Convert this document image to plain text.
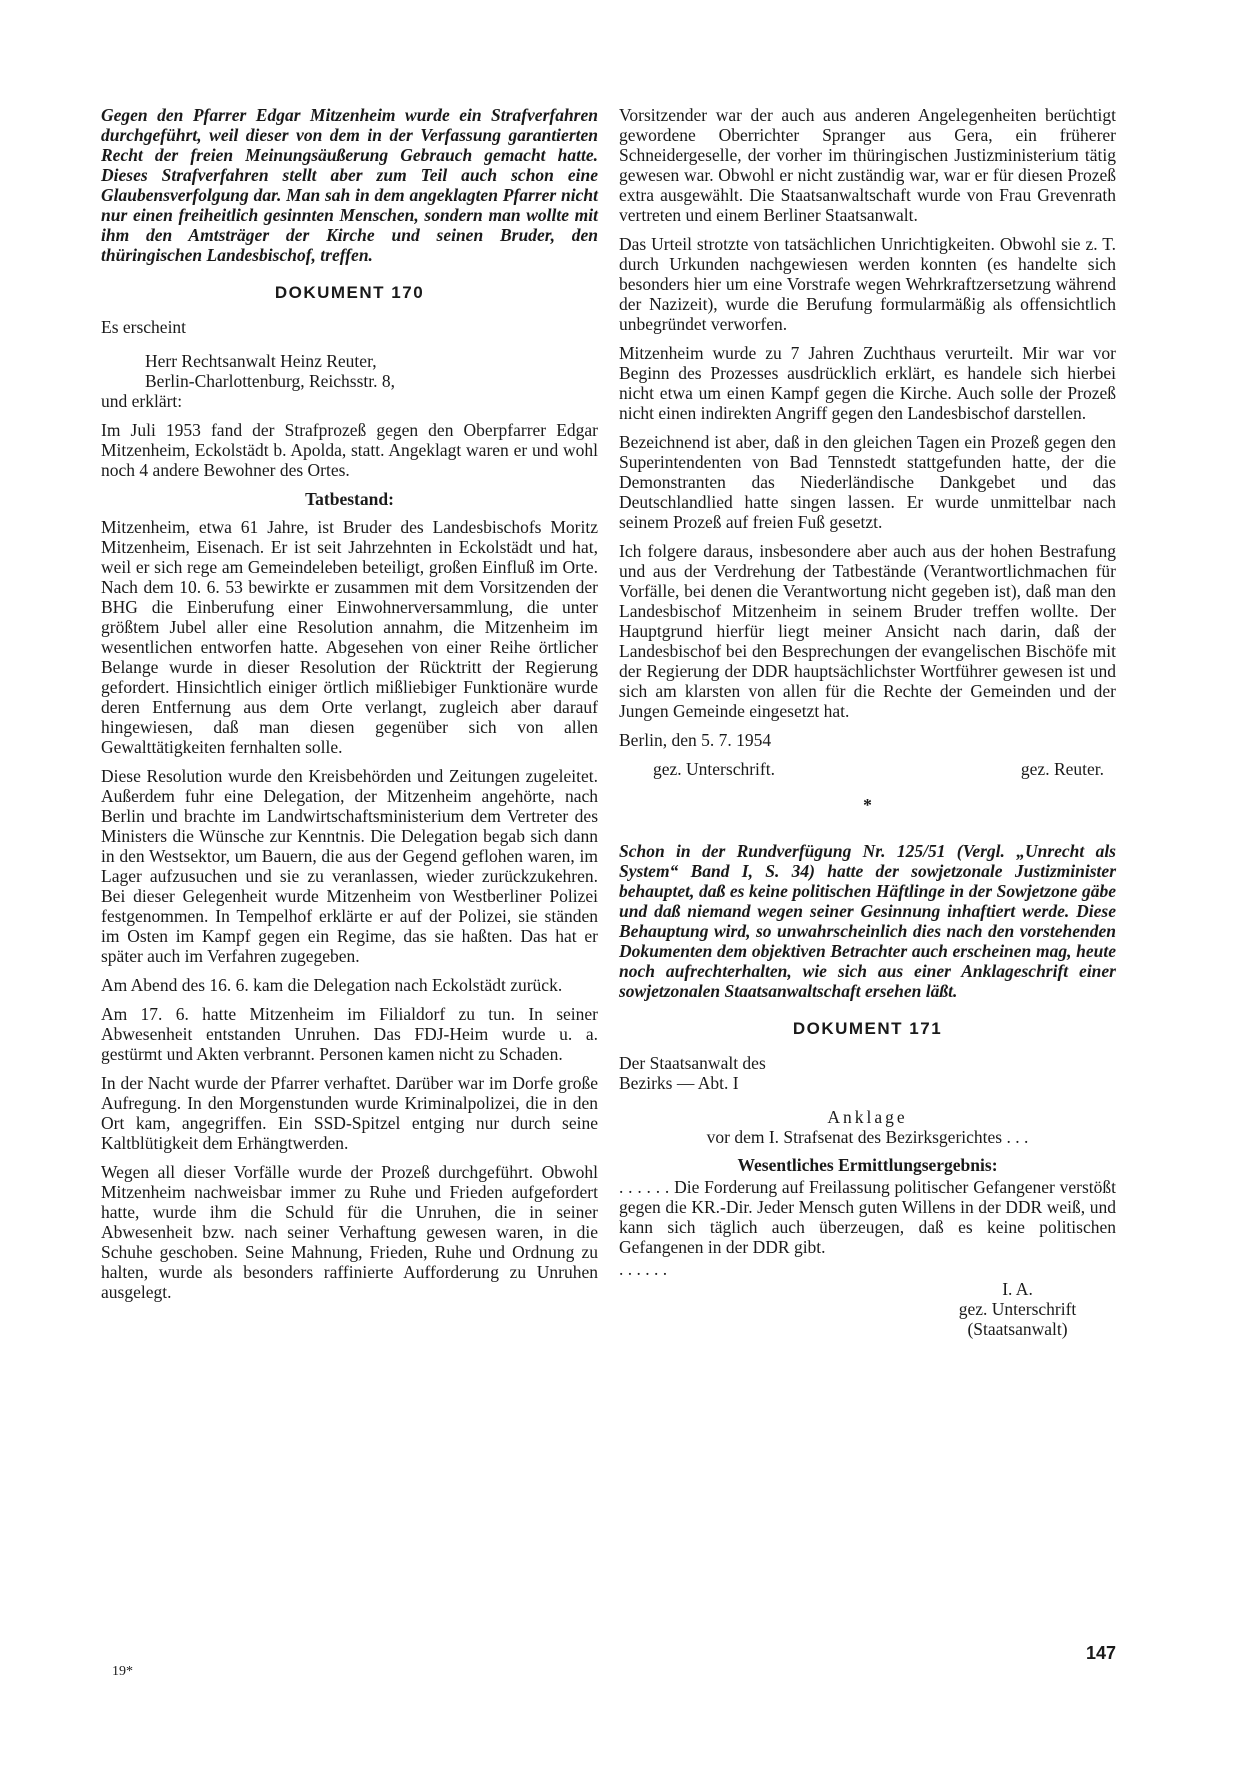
Gegen den Pfarrer Edgar Mitzenheim wurde ein Strafverfahren durchgeführt, weil dieser von dem in der Verfassung garantierten Recht der freien Meinungsäußerung Gebrauch gemacht hatte. Dieses Strafverfahren stellt aber zum Teil auch schon eine Glaubensverfolgung dar. Man sah in dem angeklagten Pfarrer nicht nur einen freiheitlich gesinnten Menschen, sondern man wollte mit ihm den Amtsträger der Kirche und seinen Bruder, den thüringischen Landesbischof, treffen.

DOKUMENT 170

Es erscheint

Herr Rechtsanwalt Heinz Reuter,
Berlin-Charlottenburg, Reichsstr. 8,

und erklärt:

Im Juli 1953 fand der Strafprozeß gegen den Oberpfarrer Edgar Mitzenheim, Eckolstädt b. Apolda, statt. Angeklagt waren er und wohl noch 4 andere Bewohner des Ortes.

Tatbestand:

Mitzenheim, etwa 61 Jahre, ist Bruder des Landesbischofs Moritz Mitzenheim, Eisenach. Er ist seit Jahrzehnten in Eckolstädt und hat, weil er sich rege am Gemeindeleben beteiligt, großen Einfluß im Orte. Nach dem 10. 6. 53 bewirkte er zusammen mit dem Vorsitzenden der BHG die Einberufung einer Einwohnerversammlung, die unter größtem Jubel aller eine Resolution annahm, die Mitzenheim im wesentlichen entworfen hatte. Abgesehen von einer Reihe örtlicher Belange wurde in dieser Resolution der Rücktritt der Regierung gefordert. Hinsichtlich einiger örtlich mißliebiger Funktionäre wurde deren Entfernung aus dem Orte verlangt, zugleich aber darauf hingewiesen, daß man diesen gegenüber sich von allen Gewalttätigkeiten fernhalten solle.

Diese Resolution wurde den Kreisbehörden und Zeitungen zugeleitet. Außerdem fuhr eine Delegation, der Mitzenheim angehörte, nach Berlin und brachte im Landwirtschaftsministerium dem Vertreter des Ministers die Wünsche zur Kenntnis. Die Delegation begab sich dann in den Westsektor, um Bauern, die aus der Gegend geflohen waren, im Lager aufzusuchen und sie zu veranlassen, wieder zurückzukehren. Bei dieser Gelegenheit wurde Mitzenheim von Westberliner Polizei festgenommen. In Tempelhof erklärte er auf der Polizei, sie ständen im Osten im Kampf gegen ein Regime, das sie haßten. Das hat er später auch im Verfahren zugegeben.

Am Abend des 16. 6. kam die Delegation nach Eckolstädt zurück.

Am 17. 6. hatte Mitzenheim im Filialdorf zu tun. In seiner Abwesenheit entstanden Unruhen. Das FDJ-Heim wurde u. a. gestürmt und Akten verbrannt. Personen kamen nicht zu Schaden.

In der Nacht wurde der Pfarrer verhaftet. Darüber war im Dorfe große Aufregung. In den Morgenstunden wurde Kriminalpolizei, die in den Ort kam, angegriffen. Ein SSD-Spitzel entging nur durch seine Kaltblütigkeit dem Erhängtwerden.

Wegen all dieser Vorfälle wurde der Prozeß durchgeführt. Obwohl Mitzenheim nachweisbar immer zu Ruhe und Frieden aufgefordert hatte, wurde ihm die Schuld für die Unruhen, die in seiner Abwesenheit bzw. nach seiner Verhaftung gewesen waren, in die Schuhe geschoben. Seine Mahnung, Frieden, Ruhe und Ordnung zu halten, wurde als besonders raffinierte Aufforderung zu Unruhen ausgelegt.

Vorsitzender war der auch aus anderen Angelegenheiten berüchtigt gewordene Oberrichter Spranger aus Gera, ein früherer Schneidergeselle, der vorher im thüringischen Justizministerium tätig gewesen war. Obwohl er nicht zuständig war, war er für diesen Prozeß extra ausgewählt. Die Staatsanwaltschaft wurde von Frau Grevenrath vertreten und einem Berliner Staatsanwalt.

Das Urteil strotzte von tatsächlichen Unrichtigkeiten. Obwohl sie z. T. durch Urkunden nachgewiesen werden konnten (es handelte sich besonders hier um eine Vorstrafe wegen Wehrkraftzersetzung während der Nazizeit), wurde die Berufung formularmäßig als offensichtlich unbegründet verworfen.

Mitzenheim wurde zu 7 Jahren Zuchthaus verurteilt. Mir war vor Beginn des Prozesses ausdrücklich erklärt, es handele sich hierbei nicht etwa um einen Kampf gegen die Kirche. Auch solle der Prozeß nicht einen indirekten Angriff gegen den Landesbischof darstellen.

Bezeichnend ist aber, daß in den gleichen Tagen ein Prozeß gegen den Superintendenten von Bad Tennstedt stattgefunden hatte, der die Demonstranten das Niederländische Dankgebet und das Deutschlandlied hatte singen lassen. Er wurde unmittelbar nach seinem Prozeß auf freien Fuß gesetzt.

Ich folgere daraus, insbesondere aber auch aus der hohen Bestrafung und aus der Verdrehung der Tatbestände (Verantwortlichmachen für Vorfälle, bei denen die Verantwortung nicht gegeben ist), daß man den Landesbischof Mitzenheim in seinem Bruder treffen wollte. Der Hauptgrund hierfür liegt meiner Ansicht nach darin, daß der Landesbischof bei den Besprechungen der evangelischen Bischöfe mit der Regierung der DDR hauptsächlichster Wortführer gewesen ist und sich am klarsten von allen für die Rechte der Gemeinden und der Jungen Gemeinde eingesetzt hat.

Berlin, den 5. 7. 1954

gez. Unterschrift.	gez. Reuter.
*

Schon in der Rundverfügung Nr. 125/51 (Vergl. „Unrecht als System“ Band I, S. 34) hatte der sowjetzonale Justizminister behauptet, daß es keine politischen Häftlinge in der Sowjetzone gäbe und daß niemand wegen seiner Gesinnung inhaftiert werde. Diese Behauptung wird, so unwahrscheinlich dies nach den vorstehenden Dokumenten dem objektiven Betrachter auch erscheinen mag, heute noch aufrechterhalten, wie sich aus einer Anklageschrift einer sowjetzonalen Staatsanwaltschaft ersehen läßt.

DOKUMENT 171
Der Staatsanwalt des
Bezirks — Abt. I
Anklage
vor dem I. Strafsenat des Bezirksgerichtes . . .
Wesentliches Ermittlungsergebnis:

. . . . . . Die Forderung auf Freilassung politischer Gefangener verstößt gegen die KR.-Dir. Jeder Mensch guten Willens in der DDR weiß, und kann sich täglich auch überzeugen, daß es keine politischen Gefangenen in der DDR gibt.

. . . . . .
I. A.
gez. Unterschrift
(Staatsanwalt)
19*
147
